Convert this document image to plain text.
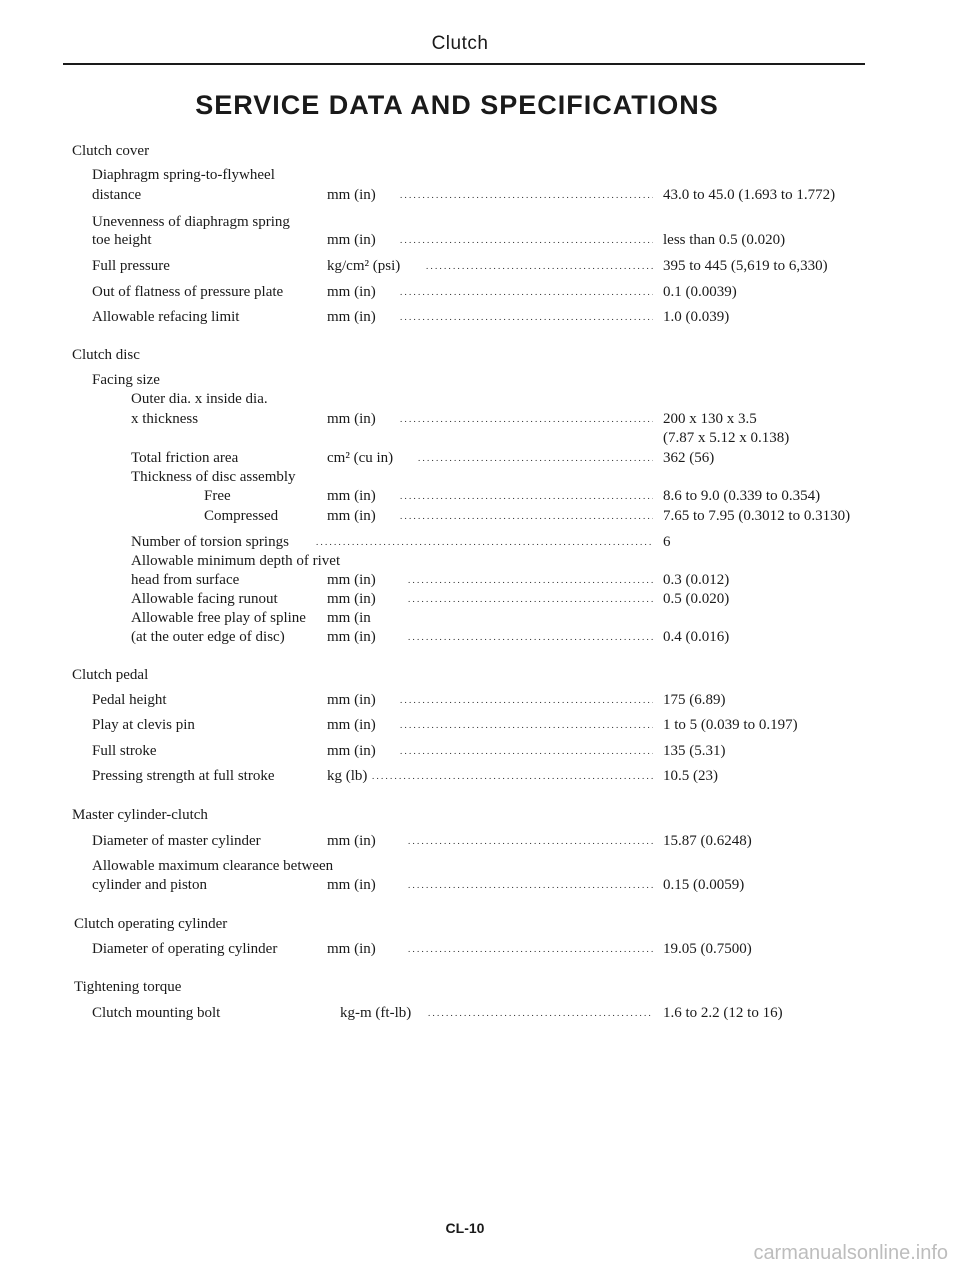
Clutch
SERVICE DATA AND SPECIFICATIONS
Clutch cover
Diaphragm spring-to-flywheel
distance	mm (in) . . .	43.0 to 45.0 (1.693 to 1.772)
Unevenness of diaphragm spring
toe height	mm (in) . . .	less than 0.5 (0.020)
Full pressure	kg/cm² (psi) . . .	395 to 445 (5,619 to 6,330)
Out of flatness of pressure plate	mm (in) . . .	0.1 (0.0039)
Allowable refacing limit	mm (in) . . .	1.0 (0.039)
Clutch disc
Facing size
Outer dia. x inside dia.
x thickness	mm (in) . . .	200 x 130 x 3.5
(7.87 x 5.12 x 0.138)
Total friction area	cm² (cu in) . . .	362 (56)
Thickness of disc assembly
Free	mm (in) . . .	8.6 to 9.0 (0.339 to 0.354)
Compressed	mm (in) . . .	7.65 to 7.95 (0.3012 to 0.3130)
Number of torsion springs . . .	6
Allowable minimum depth of rivet
head from surface	mm (in) . . .	0.3 (0.012)
Allowable facing runout	mm (in) . . .	0.5 (0.020)
Allowable free play of spline mm (in
(at the outer edge of disc)	mm (in) . . .	0.4 (0.016)
Clutch pedal
Pedal height	mm (in) . . .	175 (6.89)
Play at clevis pin	mm (in) . . .	1 to 5 (0.039 to 0.197)
Full stroke	mm (in) . . .	135 (5.31)
Pressing strength at full stroke	kg (lb) . . .	10.5 (23)
Master cylinder-clutch
Diameter of master cylinder	mm (in) . . .	15.87 (0.6248)
Allowable maximum clearance between
cylinder and piston	mm (in) . . .	0.15 (0.0059)
Clutch operating cylinder
Diameter of operating cylinder	mm (in) . . .	19.05 (0.7500)
Tightening torque
Clutch mounting bolt	kg-m (ft-lb) . . .	1.6 to 2.2 (12 to 16)
CL-10
carmanualsonline.info
